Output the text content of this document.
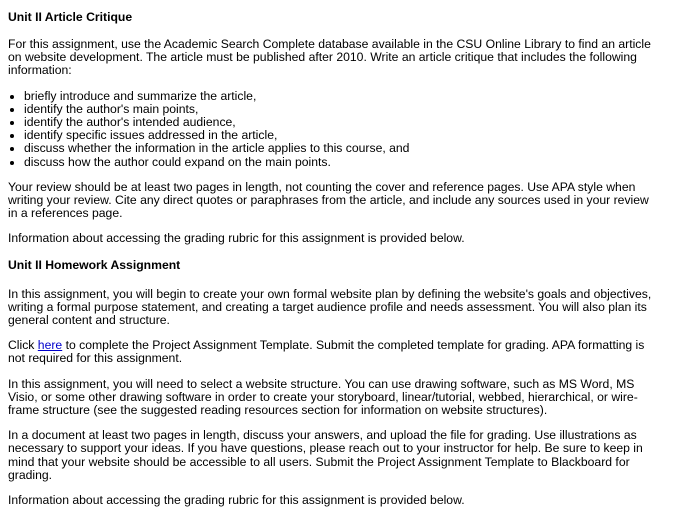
Unit II Article Critique

For this assignment, use the Academic Search Complete database available in the CSU Online Library to find an article on website development. The article must be published after 2010. Write an article critique that includes the following information:

• briefly introduce and summarize the article,
• identify the author's main points,
• identify the author's intended audience,
• identify specific issues addressed in the article,
• discuss whether the information in the article applies to this course, and
• discuss how the author could expand on the main points.

Your review should be at least two pages in length, not counting the cover and reference pages. Use APA style when writing your review. Cite any direct quotes or paraphrases from the article, and include any sources used in your review in a references page.

Information about accessing the grading rubric for this assignment is provided below.

Unit II Homework Assignment

In this assignment, you will begin to create your own formal website plan by defining the website's goals and objectives, writing a formal purpose statement, and creating a target audience profile and needs assessment. You will also plan its general content and structure.

Click here to complete the Project Assignment Template. Submit the completed template for grading. APA formatting is not required for this assignment.

In this assignment, you will need to select a website structure. You can use drawing software, such as MS Word, MS Visio, or some other drawing software in order to create your storyboard, linear/tutorial, webbed, hierarchical, or wire-frame structure (see the suggested reading resources section for information on website structures).

In a document at least two pages in length, discuss your answers, and upload the file for grading. Use illustrations as necessary to support your ideas. If you have questions, please reach out to your instructor for help. Be sure to keep in mind that your website should be accessible to all users. Submit the Project Assignment Template to Blackboard for grading.

Information about accessing the grading rubric for this assignment is provided below.
